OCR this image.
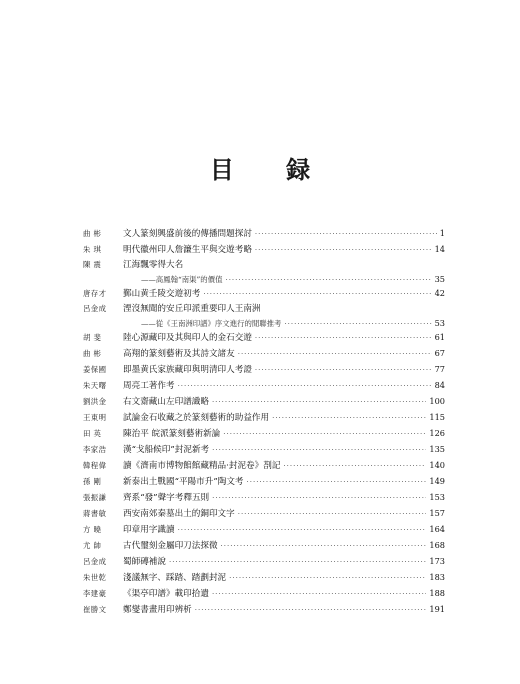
目 録
曲 彬	文人篆刻興盛前後的傳播問題探討 ·····	1
朱 琪	明代徽州印人詹濂生平與交遊考略 ·····	14
陳 震	江海飄零得大名
——高鳳翰“南渠”的價值 ·····	35
唐存才	鄞山黄壬陵交遊初考 ·····	42
呂金成	湮沒無聞的安丘印派重要印人王南洲
——從《王南洲印譜》序文進行的閒聯推考 ·····	53
胡 斐	陸心源藏印及其與印人的金石交遊 ·····	61
曲 彬	高翔的篆刻藝術及其詩文諸友 ·····	67
姜保國	即墨黄氏家族藏印與明清印人考證 ·····	77
朱天曙	周亮工著作考 ·····	84
劉洪金	右文齋藏山左印譜識略 ·····	100
王東明	試論金石收藏之於篆刻藝術的助益作用 ·····	115
田 英	陳治平 皖派篆刻藝術新論 ·····	126
李家浩	漢“戈船候印”封泥新考 ·····	135
韓程偉	讀《濟南市博物館館藏精品·封泥卷》剳記 ·····	140
孫 剛	新泰出土戰國“平陽市升”陶文考 ·····	149
張振謙	齊系“發”聲字考釋五則 ·····	153
蔣書敏	西安南郊秦墓出土的銅印文字 ·····	157
方 曉	印章用字識讀 ·····	164
尤 帥	古代璽刻金屬印刀法探微 ·····	168
呂金成	蜀師磚補說 ·····	173
朱世乾	淺議無字、踩踏、踏劃封泥 ·····	183
李建豪	《渠亭印譜》載印拾遺 ·····	188
崔勝文	鄭燮書畫用印辨析 ·····	191
